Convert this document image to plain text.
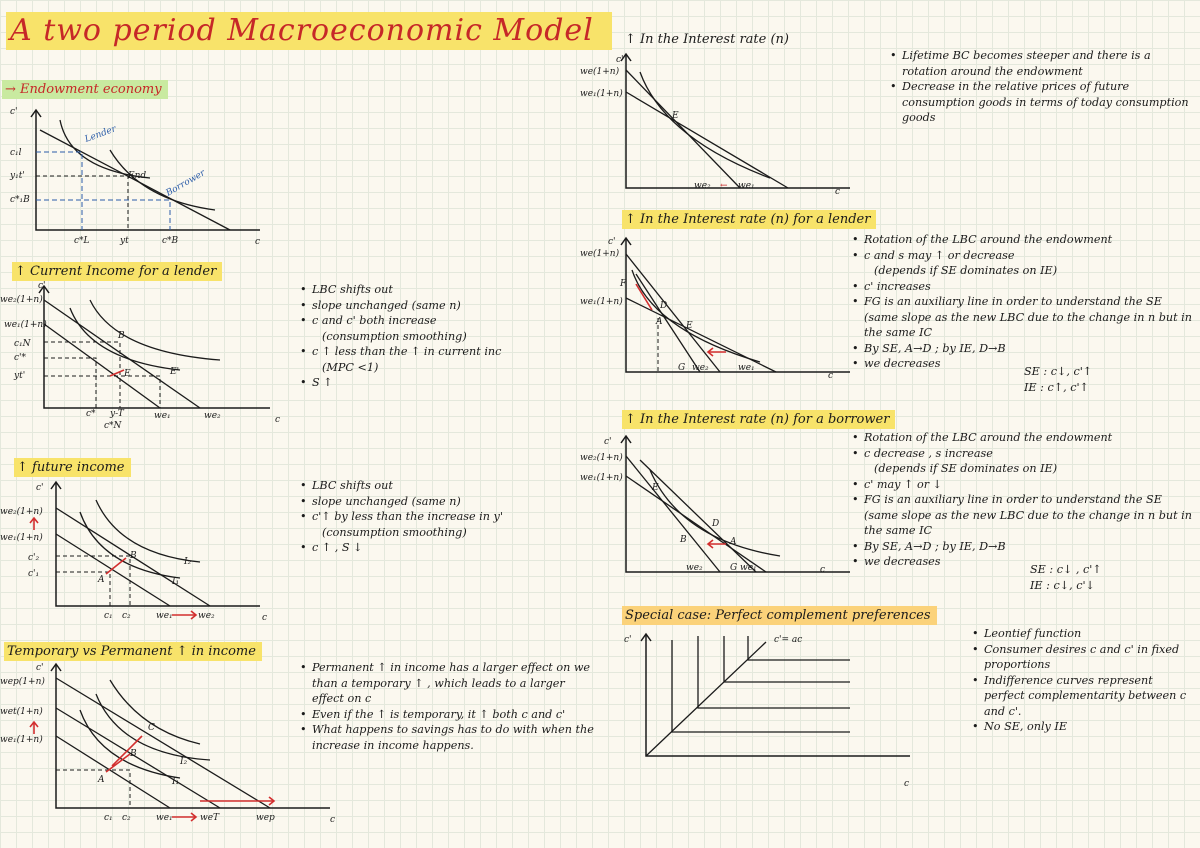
A two period Macroeconomic Model
→ Endowment economy
c'
c
c₁l
y₁t'
c*₁B
Lender
End Borrower
c*L	yt	c*B
↑ Current Income for a lender
c'
c
we₂(1+n)
we₁(1+n)
c₁N
c'*
yt'
B
E	E'
c* y-T
c*N
we₁	we₂
• LBC shifts out
• slope unchanged (same n)
• c and c' both increase
(consumption smoothing)
• c ↑ less than the ↑ in current inc
(MPC <1)
• S ↑
↑ future income
c'
c
we₂(1+n)
we₁(1+n)
c'₂
c'₁
A
B
I₂
I₁
c₁ c₂	we₁	we₂
• LBC shifts out
• slope unchanged (same n)
• c'↑ by less than the increase in y'
(consumption smoothing)
• c ↑ , S ↓
Temporary vs Permanent ↑ in income
c'
c
wep(1+n)
wet(1+n)
we₁(1+n)
A
B
C
I₂
I₁
c₁ c₂	we₁	weT	wep
• Permanent ↑ in income has a larger effect on we than a temporary ↑ , which leads to a larger effect on c
• Even if the ↑ is temporary, it ↑ both c and c'
• What happens to savings has to do with when the increase in income happens.
↑ In the Interest rate (n)
c'
c
we(1+n)
we₁(1+n)
E
we₂ ← we₁
• Lifetime BC becomes steeper and there is a rotation around the endowment
• Decrease in the relative prices of future consumption goods in terms of today consumption goods
↑ In the Interest rate (n) for a lender
c'
c
we(1+n)
we₁(1+n)
F
D
A	E
G we₂	we₁
• Rotation of the LBC around the endowment
• c and s may ↑ or decrease
(depends if SE dominates on IE)
• c' increases
• FG is an auxiliary line in order to understand the SE (same slope as the new LBC due to the change in n but in the same IC
• By SE, A→D ; by IE, D→B
• we decreases
SE : c↓, c'↑
IE : c↑, c'↑
↑ In the Interest rate (n) for a borrower
c'
c
we₂(1+n)
we₁(1+n)
E
D
A
B
we₂	G we₁
• Rotation of the LBC around the endowment
• c decrease , s increase
(depends if SE dominates on IE)
• c' may ↑ or ↓
• FG is an auxiliary line in order to understand the SE (same slope as the new LBC due to the change in n but in the same IC
• By SE, A→D ; by IE, D→B
• we decreases
SE : c↓ , c'↑
IE : c↓, c'↓
Special case: Perfect complement preferences
c'
c
c'= ac
•	Leontief function
• Consumer desires c and c' in fixed proportions
• Indifference curves represent perfect complementarity between c and c'.
• No SE, only IE
